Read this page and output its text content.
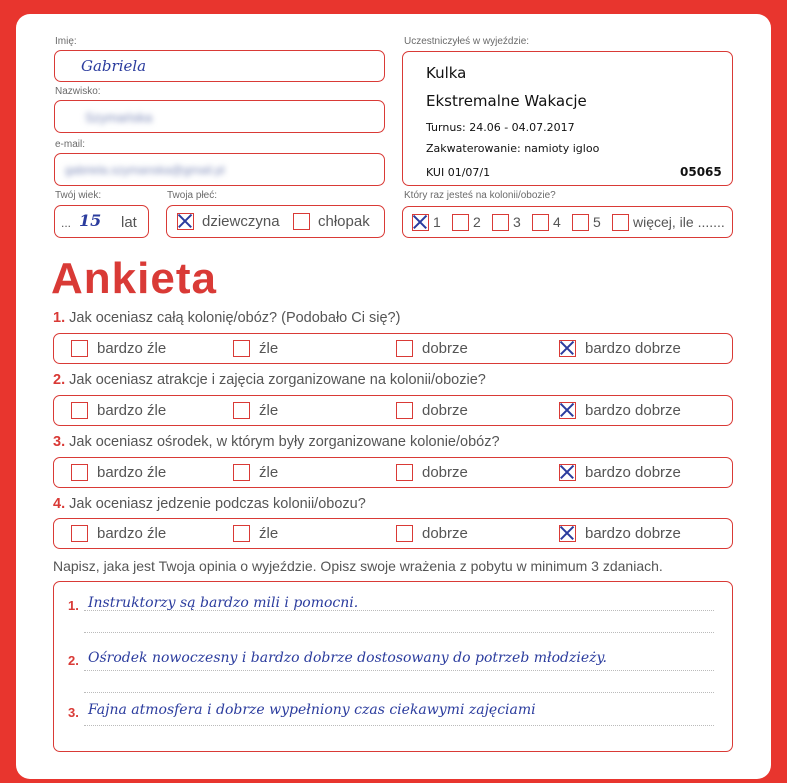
Imię:
Gabriela
Nazwisko:
Szymańska
e-mail:
gabriela.szymanska@gmail.pl
Twój wiek:
... 15 lat
Twoja płeć:
dziewczyna	chłopak
Uczestniczyłeś w wyjeździe:
Kulka
Ekstremalne Wakacje
Turnus: 24.06 - 04.07.2017
Zakwaterowanie: namioty igloo
KUI 01/07/1	05065
Który raz jesteś na kolonii/obozie?
1 2 3 4 5 więcej, ile .......
Ankieta
1. Jak oceniasz całą kolonię/obóz? (Podobało Ci się?)
bardzo źle	źle	dobrze	bardzo dobrze
2. Jak oceniasz atrakcje i zajęcia zorganizowane na kolonii/obozie?
bardzo źle	źle	dobrze	bardzo dobrze
3. Jak oceniasz ośrodek, w którym były zorganizowane kolonie/obóz?
bardzo źle	źle	dobrze	bardzo dobrze
4. Jak oceniasz jedzenie podczas kolonii/obozu?
bardzo źle	źle	dobrze	bardzo dobrze
Napisz, jaka jest Twoja opinia o wyjeździe. Opisz swoje wrażenia z pobytu w minimum 3 zdaniach.
1. Instruktorzy są bardzo mili i pomocni.
2. Ośrodek nowoczesny i bardzo dobrze dostosowany do potrzeb młodzieży.
3. Fajna atmosfera i dobrze wypełniony czas ciekawymi zajęciami
